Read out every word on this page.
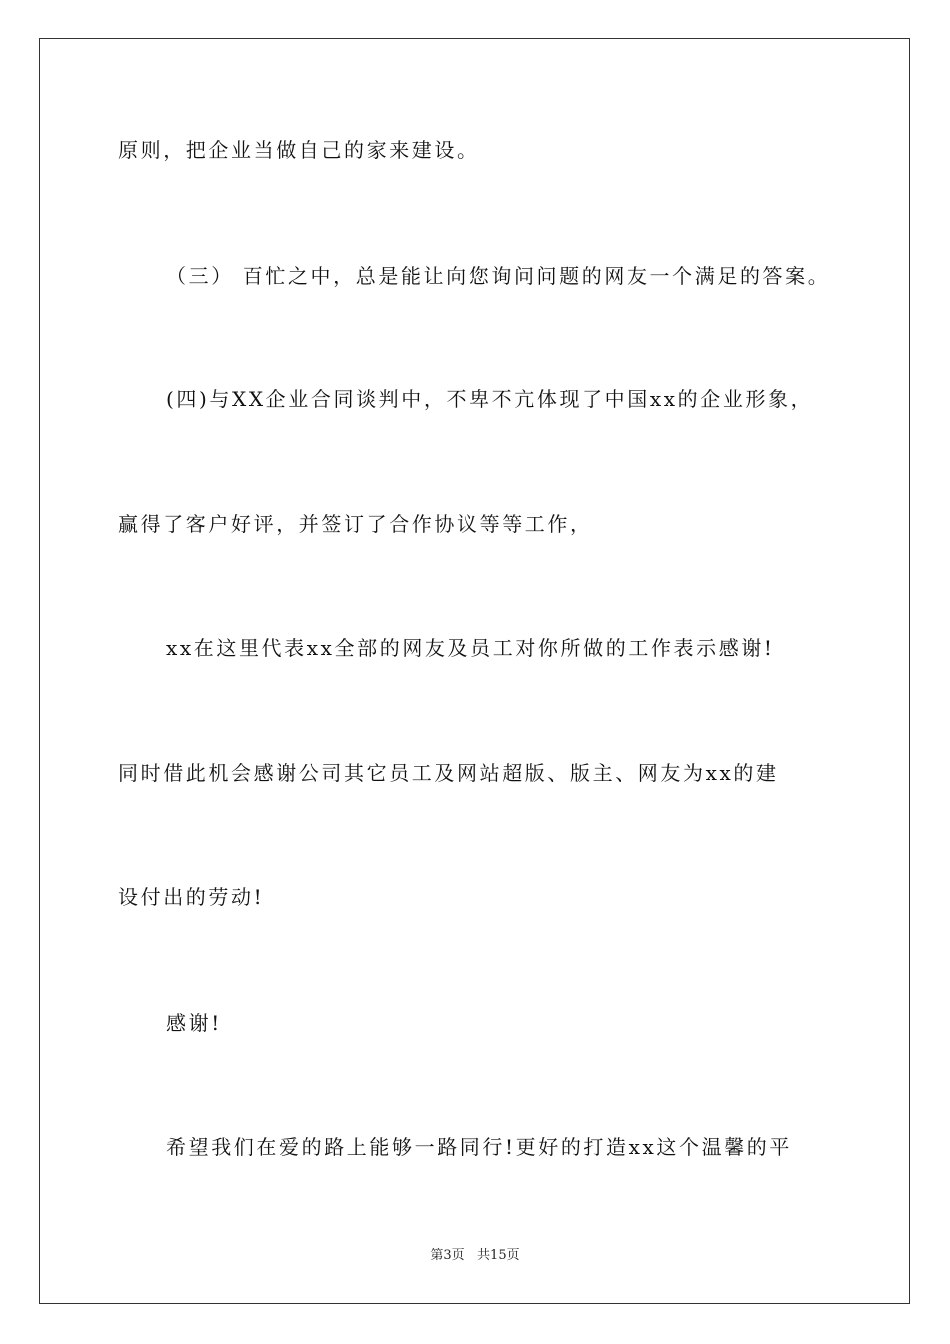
原则，把企业当做自己的家来建设。
（三） 百忙之中，总是能让向您询问问题的网友一个满足的答案。
(四)与XX企业合同谈判中，不卑不亢体现了中国xx的企业形象，
赢得了客户好评，并签订了合作协议等等工作，
xx在这里代表xx全部的网友及员工对你所做的工作表示感谢!
同时借此机会感谢公司其它员工及网站超版、版主、网友为xx的建
设付出的劳动!
感谢!
希望我们在爱的路上能够一路同行!更好的打造xx这个温馨的平
第3页   共15页
